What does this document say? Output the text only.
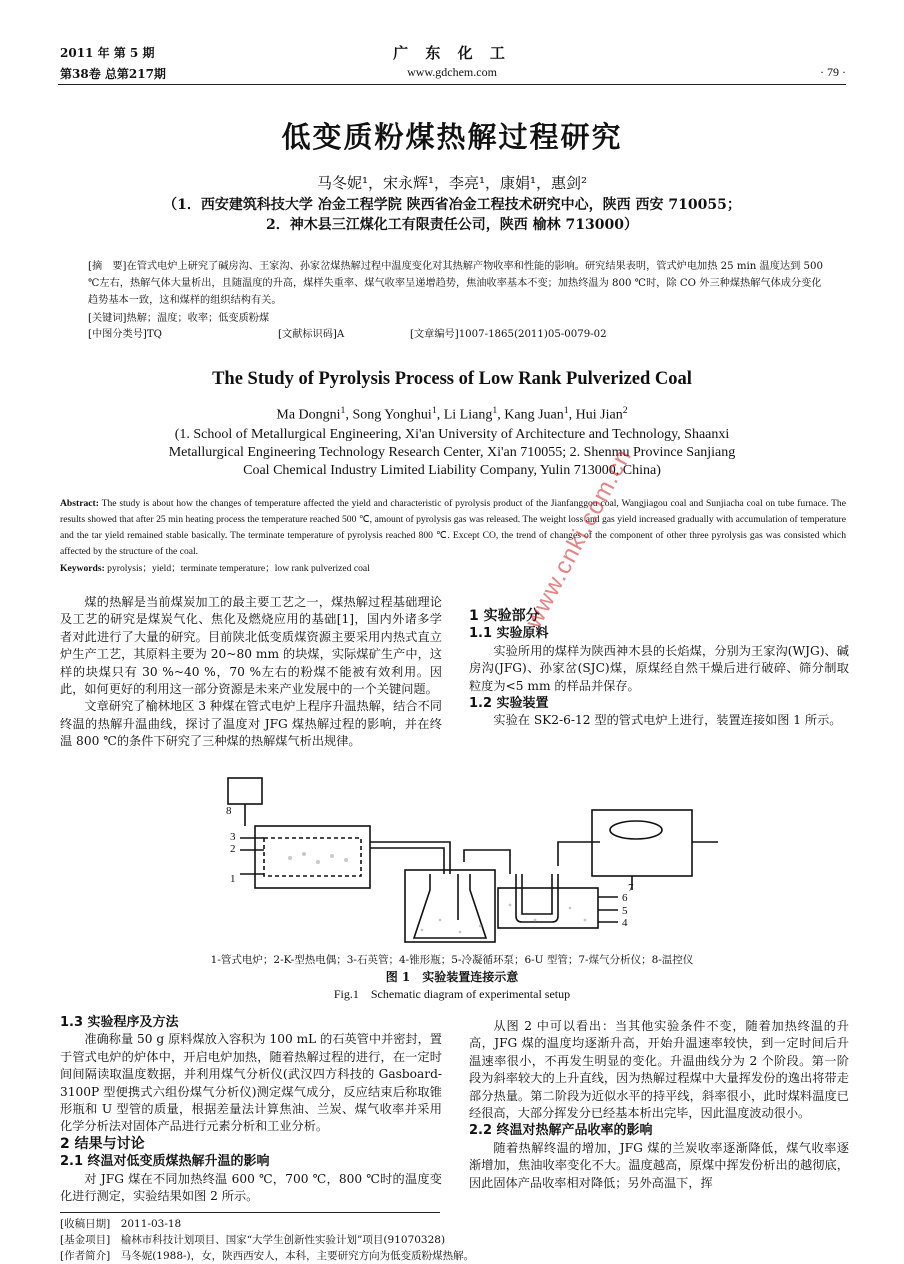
2011 年 第 5 期
第38卷 总第217期
广 东 化 工
www.gdchem.com	· 79 ·
低变质粉煤热解过程研究
马冬妮¹，宋永辉¹，李亮¹，康娟¹，惠剑²
（1．西安建筑科技大学 冶金工程学院 陕西省冶金工程技术研究中心，陕西 西安 710055；
2．神木县三江煤化工有限责任公司，陕西 榆林 713000）
[摘　要]在管式电炉上研究了碱房沟、王家沟、孙家岔煤热解过程中温度变化对其热解产物收率和性能的影响。研究结果表明，管式炉电加热 25 min 温度达到 500 ℃左右，热解气体大量析出，且随温度的升高，煤样失重率、煤气收率呈递增趋势，焦油收率基本不变；加热终温为 800 ℃时，除 CO 外三种煤热解气体成分变化趋势基本一致，这和煤样的组织结构有关。
[关键词]热解；温度；收率；低变质粉煤
[中图分类号]TQ	[文献标识码]A	[文章编号]1007-1865(2011)05-0079-02
The Study of Pyrolysis Process of Low Rank Pulverized Coal
Ma Dongni$^1$, Song Yonghui$^1$, Li Liang$^1$, Kang Juan$^1$, Hui Jian$^2$
(1. School of Metallurgical Engineering, Xi'an University of Architecture and Technology, Shaanxi
Metallurgical Engineering Technology Research Center, Xi'an 710055; 2. Shenmu Province Sanjiang
Coal Chemical Industry Limited Liability Company, Yulin 713000, China)
Abstract: The study is about how the changes of temperature affected the yield and characteristic of pyrolysis product of the Jianfanggou coal, Wangjiagou coal and Sunjiacha coal on tube furnace. The results showed that after 25 min heating process the temperature reached 500 ℃, amount of pyrolysis gas was released. The weight loss and gas yield increased gradually with accumulation of temperature and the tar yield remained stable basically. The terminate temperature of pyrolysis reached 800 ℃. Except CO, the trend of changes of the component of other three pyrolysis gas was consisted which affected by the structure of the coal.
Keywords: pyrolysis；yield；terminate temperature；low rank pulverized coal
煤的热解是当前煤炭加工的最主要工艺之一，煤热解过程基础理论及工艺的研究是煤炭气化、焦化及燃烧应用的基础[1]，国内外诸多学者对此进行了大量的研究。目前陕北低变质煤资源主要采用内热式直立炉生产工艺，其原料主要为 20~80 mm 的块煤，实际煤矿生产中，这样的块煤只有 30 %~40 %，70 %左右的粉煤不能被有效利用。因此，如何更好的利用这一部分资源是未来产业发展中的一个关键问题。
文章研究了榆林地区 3 种煤在管式电炉上程序升温热解，结合不同终温的热解升温曲线，探讨了温度对 JFG 煤热解过程的影响，并在终温 800 ℃的条件下研究了三种煤的热解煤气析出规律。
1 实验部分
1.1 实验原料
实验所用的煤样为陕西神木县的长焰煤，分别为王家沟(WJG)、碱房沟(JFG)、孙家岔(SJC)煤，原煤经自然干燥后进行破碎、筛分制取粒度为<5 mm 的样品并保存。
1.2 实验装置
实验在 SK2-6-12 型的管式电炉上进行，装置连接如图 1 所示。
1
2
3
4
5
6
8
7
1-管式电炉；2-K-型热电偶；3-石英管；4-锥形瓶；5-冷凝循环泵；6-U 型管；7-煤气分析仪；8-温控仪
图 1　实验装置连接示意
Fig.1　Schematic diagram of experimental setup
1.3 实验程序及方法
准确称量 50 g 原料煤放入容积为 100 mL 的石英管中并密封，置于管式电炉的炉体中，开启电炉加热，随着热解过程的进行，在一定时间间隔读取温度数据，并利用煤气分析仪(武汉四方科技的 Gasboard-3100P 型便携式六组份煤气分析仪)测定煤气成分，反应结束后称取锥形瓶和 U 型管的质量，根据差量法计算焦油、兰炭、煤气收率并采用化学分析法对固体产品进行元素分析和工业分析。
2 结果与讨论
2.1 终温对低变质煤热解升温的影响
对 JFG 煤在不同加热终温 600 ℃，700 ℃，800 ℃时的温度变化进行测定，实验结果如图 2 所示。
从图 2 中可以看出：当其他实验条件不变，随着加热终温的升高，JFG 煤的温度均逐渐升高，开始升温速率较快，到一定时间后升温速率很小，不再发生明显的变化。升温曲线分为 2 个阶段。第一阶段为斜率较大的上升直线，因为热解过程煤中大量挥发份的逸出将带走部分热量。第二阶段为近似水平的持平线，斜率很小，此时煤料温度已经很高，大部分挥发分已经基本析出完毕，因此温度波动很小。
2.2 终温对热解产品收率的影响
随着热解终温的增加，JFG 煤的兰炭收率逐渐降低，煤气收率逐渐增加，焦油收率变化不大。温度越高，原煤中挥发份析出的越彻底，因此固体产品收率相对降低；另外高温下，挥
[收稿日期]　2011-03-18
[基金项目]　榆林市科技计划项目、国家“大学生创新性实验计划”项目(91070328)
[作者简介]　马冬妮(1988-)，女，陕西西安人，本科，主要研究方向为低变质粉煤热解。
www.cnki.com.cn
